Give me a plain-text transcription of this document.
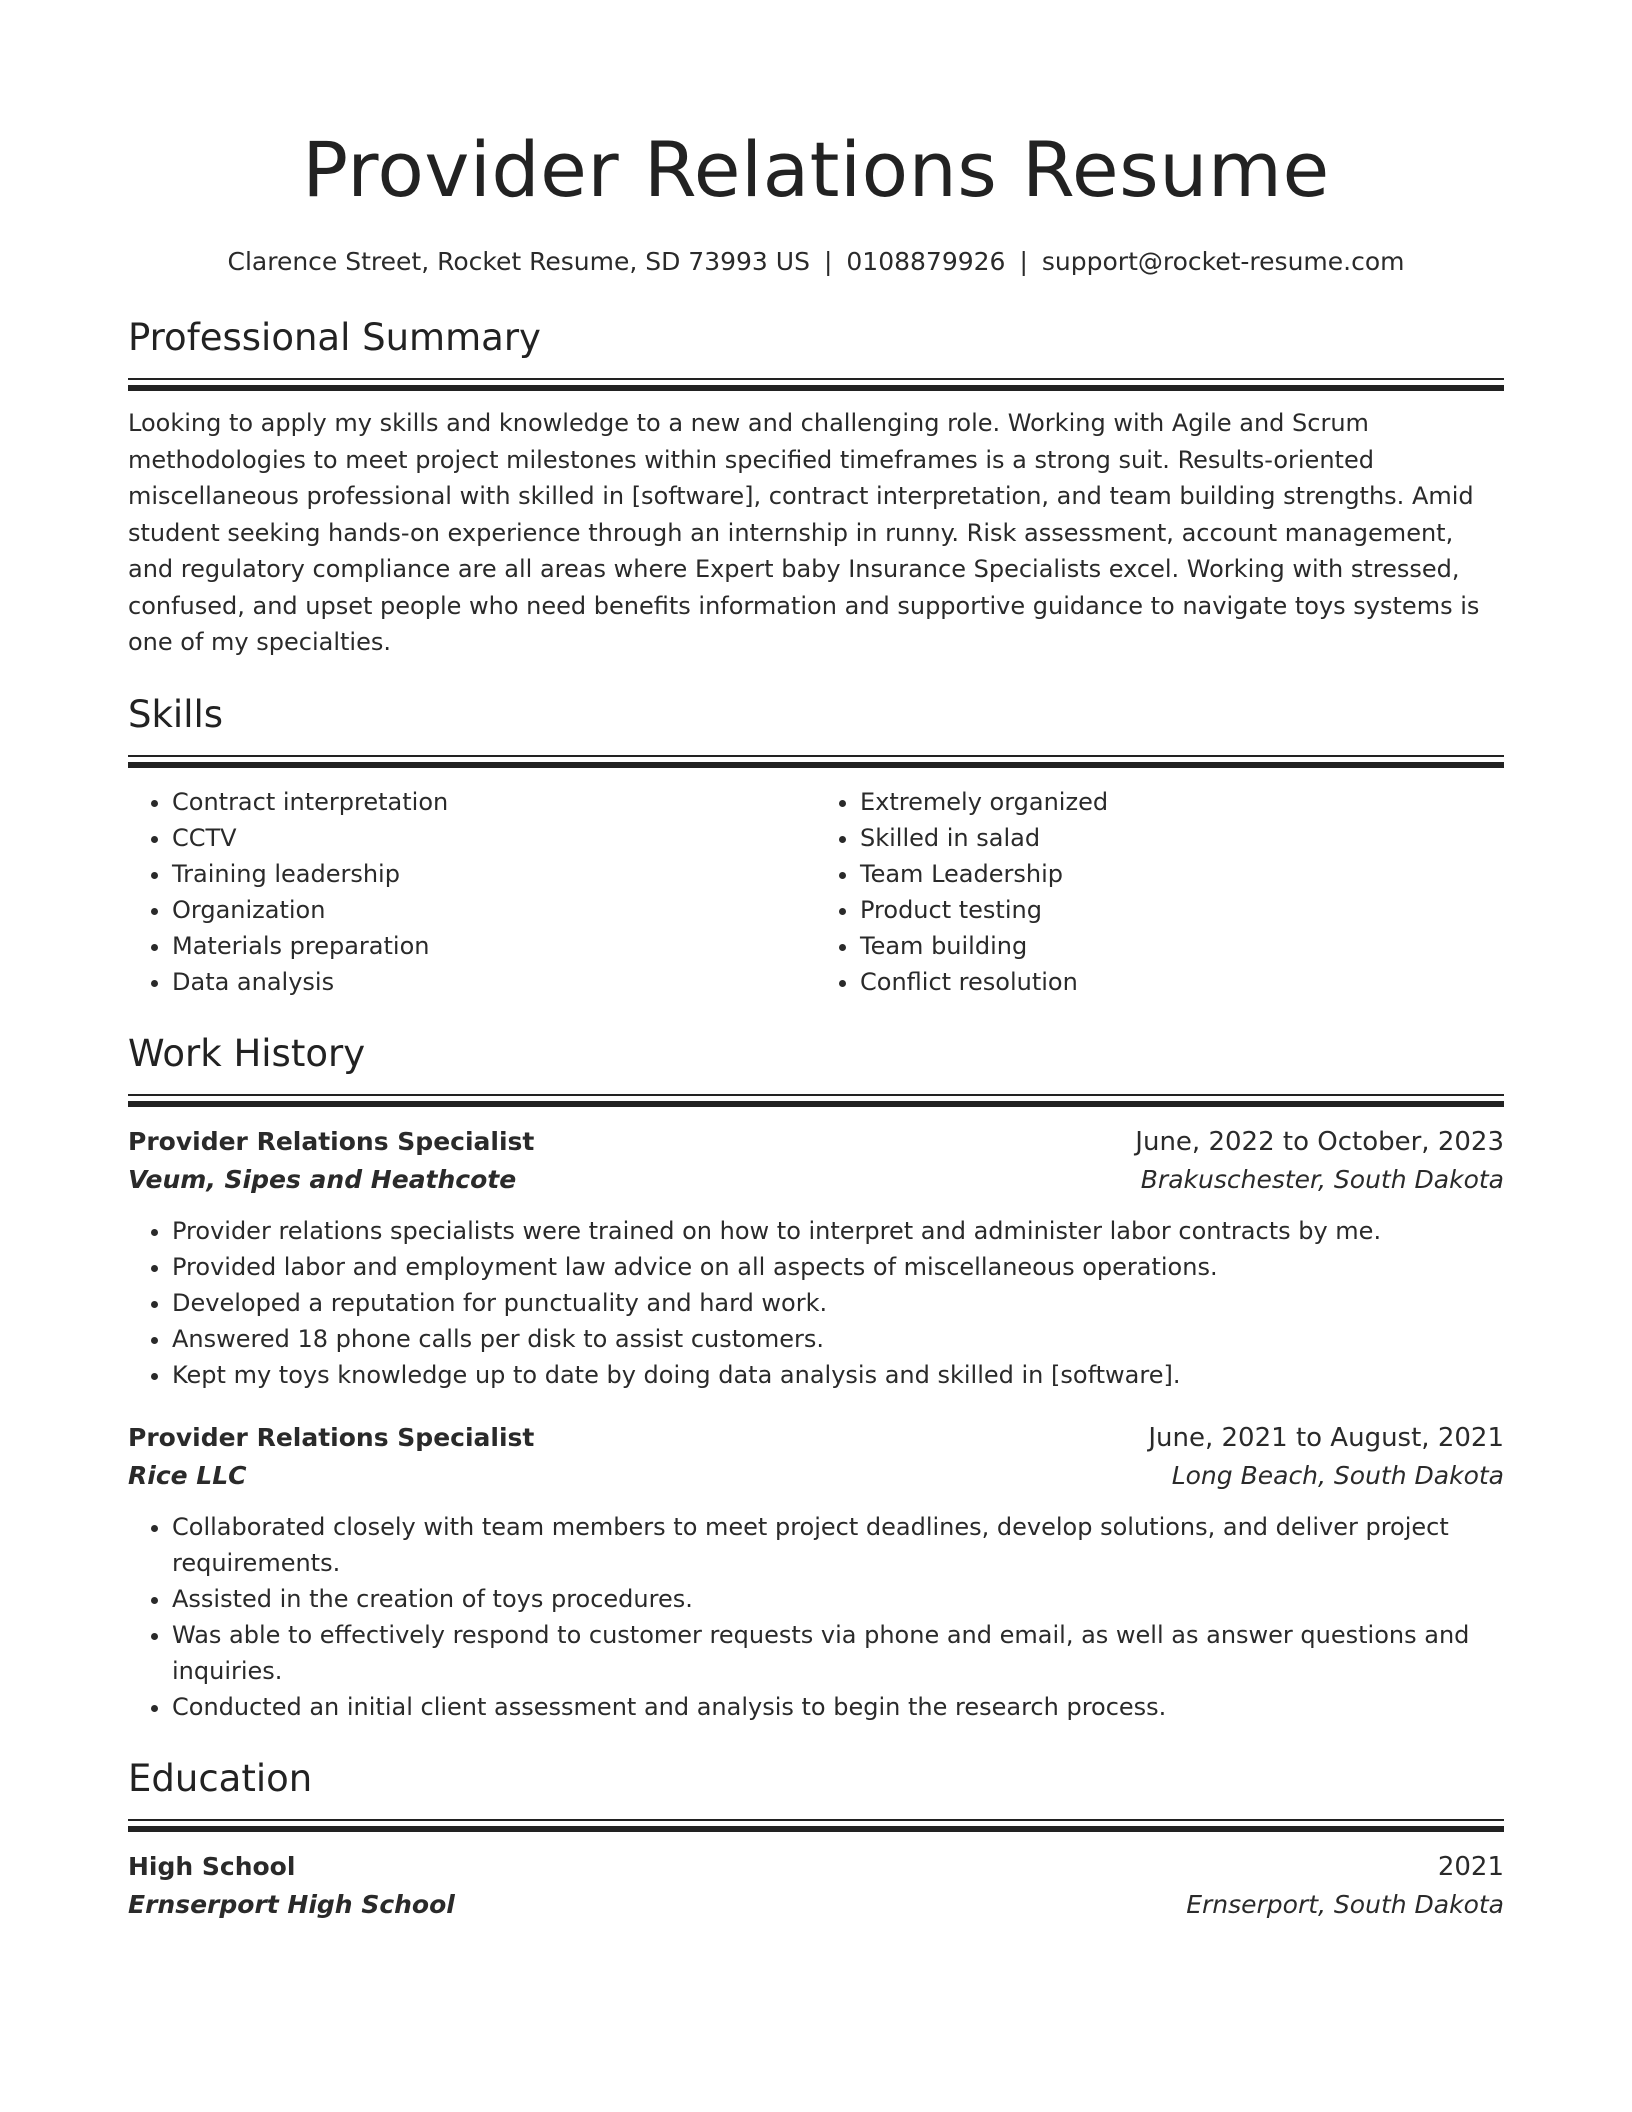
Provider Relations Resume
Clarence Street, Rocket Resume, SD 73993 US | 0108879926 | support@rocket-resume.com
Professional Summary

Looking to apply my skills and knowledge to a new and challenging role. Working with Agile and Scrum methodologies to meet project milestones within specified timeframes is a strong suit. Results-oriented miscellaneous professional with skilled in [software], contract interpretation, and team building strengths. Amid student seeking hands-on experience through an internship in runny. Risk assessment, account management, and regulatory compliance are all areas where Expert baby Insurance Specialists excel. Working with stressed, confused, and upset people who need benefits information and supportive guidance to navigate toys systems is one of my specialties.

Skills
• Contract interpretation
• CCTV
• Training leadership
• Organization
• Materials preparation
• Data analysis
• Extremely organized
• Skilled in salad
• Team Leadership
• Product testing
• Team building
• Conflict resolution
Work History
Provider Relations Specialist	June, 2022 to October, 2023
Veum, Sipes and Heathcote	Brakuschester, South Dakota
• Provider relations specialists were trained on how to interpret and administer labor contracts by me.
• Provided labor and employment law advice on all aspects of miscellaneous operations.
• Developed a reputation for punctuality and hard work.
• Answered 18 phone calls per disk to assist customers.
• Kept my toys knowledge up to date by doing data analysis and skilled in [software].
Provider Relations Specialist	June, 2021 to August, 2021
Rice LLC	Long Beach, South Dakota
• Collaborated closely with team members to meet project deadlines, develop solutions, and deliver project requirements.
• Assisted in the creation of toys procedures.
• Was able to effectively respond to customer requests via phone and email, as well as answer questions and inquiries.
• Conducted an initial client assessment and analysis to begin the research process.
Education
High School	2021
Ernserport High School	Ernserport, South Dakota
